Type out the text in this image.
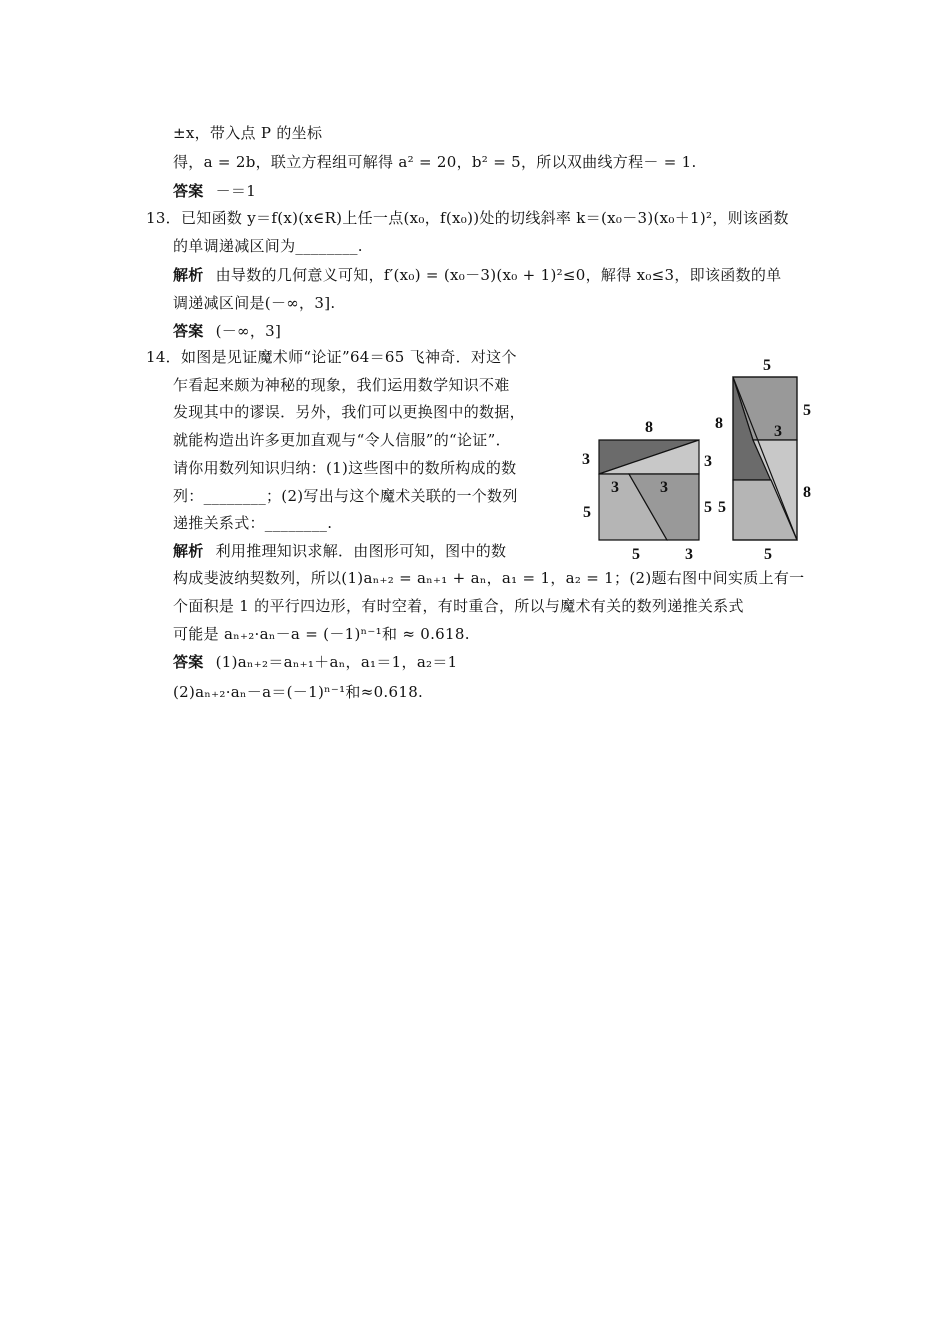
±x，带入点 P 的坐标
得，a = 2b，联立方程组可解得 a² = 20，b² = 5，所以双曲线方程－ = 1.
答案 －＝1
13．已知函数 y＝f(x)(x∈R)上任一点(x₀，f(x₀))处的切线斜率 k＝(x₀－3)(x₀＋1)²，则该函数
的单调递减区间为________.
解析 由导数的几何意义可知，f′(x₀) = (x₀－3)(x₀ + 1)²≤0，解得 x₀≤3，即该函数的单
调递减区间是(－∞，3].
答案 (－∞，3]
14．如图是见证魔术师“论证”64＝65 飞神奇．对这个
乍看起来颇为神秘的现象，我们运用数学知识不难
发现其中的谬误．另外，我们可以更换图中的数据，
就能构造出许多更加直观与“令人信服”的“论证”．
请你用数列知识归纳：(1)这些图中的数所构成的数
列：________；(2)写出与这个魔术关联的一个数列
递推关系式：________.
解析 利用推理知识求解．由图形可知，图中的数
构成斐波纳契数列，所以(1)aₙ₊₂ = aₙ₊₁ + aₙ，a₁ = 1，a₂ = 1；(2)题右图中间实质上有一
个面积是 1 的平行四边形，有时空着，有时重合，所以与魔术有关的数列递推关系式
可能是 aₙ₊₂·aₙ－a = (－1)ⁿ⁻¹和 ≈ 0.618.
答案 (1)aₙ₊₂＝aₙ₊₁＋aₙ，a₁＝1，a₂＝1
(2)aₙ₊₂·aₙ－a＝(－1)ⁿ⁻¹和≈0.618.
8
3	3
3	3
5	5
5	3
5
5
8	3
5
8
5
